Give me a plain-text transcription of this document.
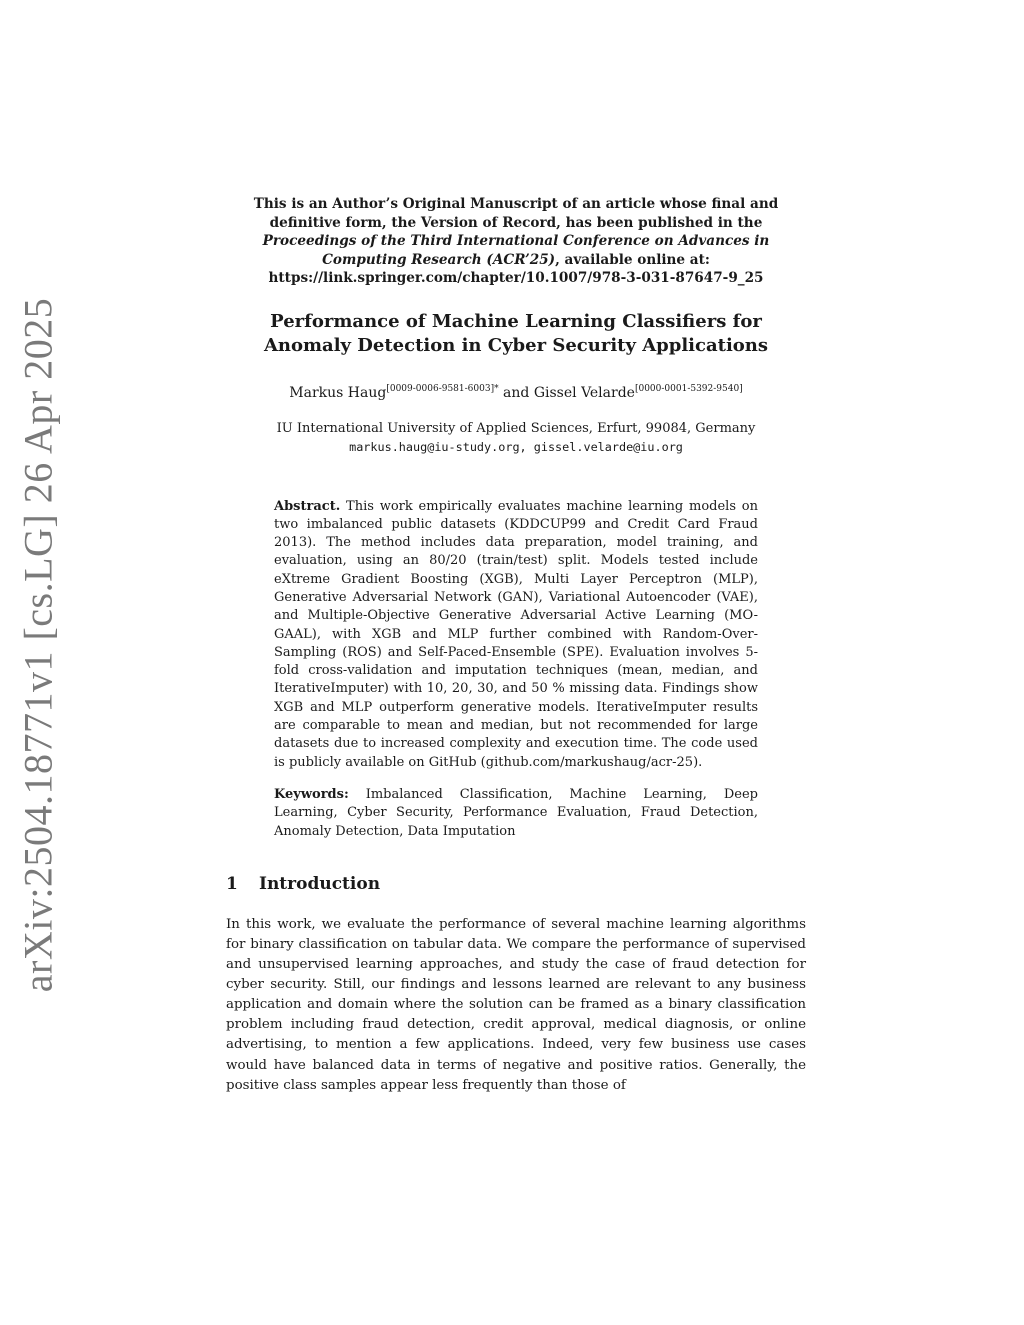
arXiv:2504.18771v1 [cs.LG] 26 Apr 2025
This is an Author’s Original Manuscript of an article whose final and definitive form, the Version of Record, has been published in the Proceedings of the Third International Conference on Advances in Computing Research (ACR’25), available online at:
https://link.springer.com/chapter/10.1007/978-3-031-87647-9_25
Performance of Machine Learning Classifiers for Anomaly Detection in Cyber Security Applications
Markus Haug$^{[0009-0006-9581-6003]*}$ and Gissel Velarde[0000-0001-5392-9540]
IU International University of Applied Sciences, Erfurt, 99084, Germany
markus.haug@iu-study.org, gissel.velarde@iu.org
Abstract. This work empirically evaluates machine learning models on two imbalanced public datasets (KDDCUP99 and Credit Card Fraud 2013). The method includes data preparation, model training, and evaluation, using an 80/20 (train/test) split. Models tested include eXtreme Gradient Boosting (XGB), Multi Layer Perceptron (MLP), Generative Adversarial Network (GAN), Variational Autoencoder (VAE), and Multiple-Objective Generative Adversarial Active Learning (MO-GAAL), with XGB and MLP further combined with Random-Over-Sampling (ROS) and Self-Paced-Ensemble (SPE). Evaluation involves 5-fold cross-validation and imputation techniques (mean, median, and IterativeImputer) with 10, 20, 30, and 50 % missing data. Findings show XGB and MLP outperform generative models. IterativeImputer results are comparable to mean and median, but not recommended for large datasets due to increased complexity and execution time. The code used is publicly available on GitHub (github.com/markushaug/acr-25).
Keywords: Imbalanced Classification, Machine Learning, Deep Learning, Cyber Security, Performance Evaluation, Fraud Detection, Anomaly Detection, Data Imputation
1 Introduction
In this work, we evaluate the performance of several machine learning algorithms for binary classification on tabular data. We compare the performance of supervised and unsupervised learning approaches, and study the case of fraud detection for cyber security. Still, our findings and lessons learned are relevant to any business application and domain where the solution can be framed as a binary classification problem including fraud detection, credit approval, medical diagnosis, or online advertising, to mention a few applications. Indeed, very few business use cases would have balanced data in terms of negative and positive ratios. Generally, the positive class samples appear less frequently than those of
